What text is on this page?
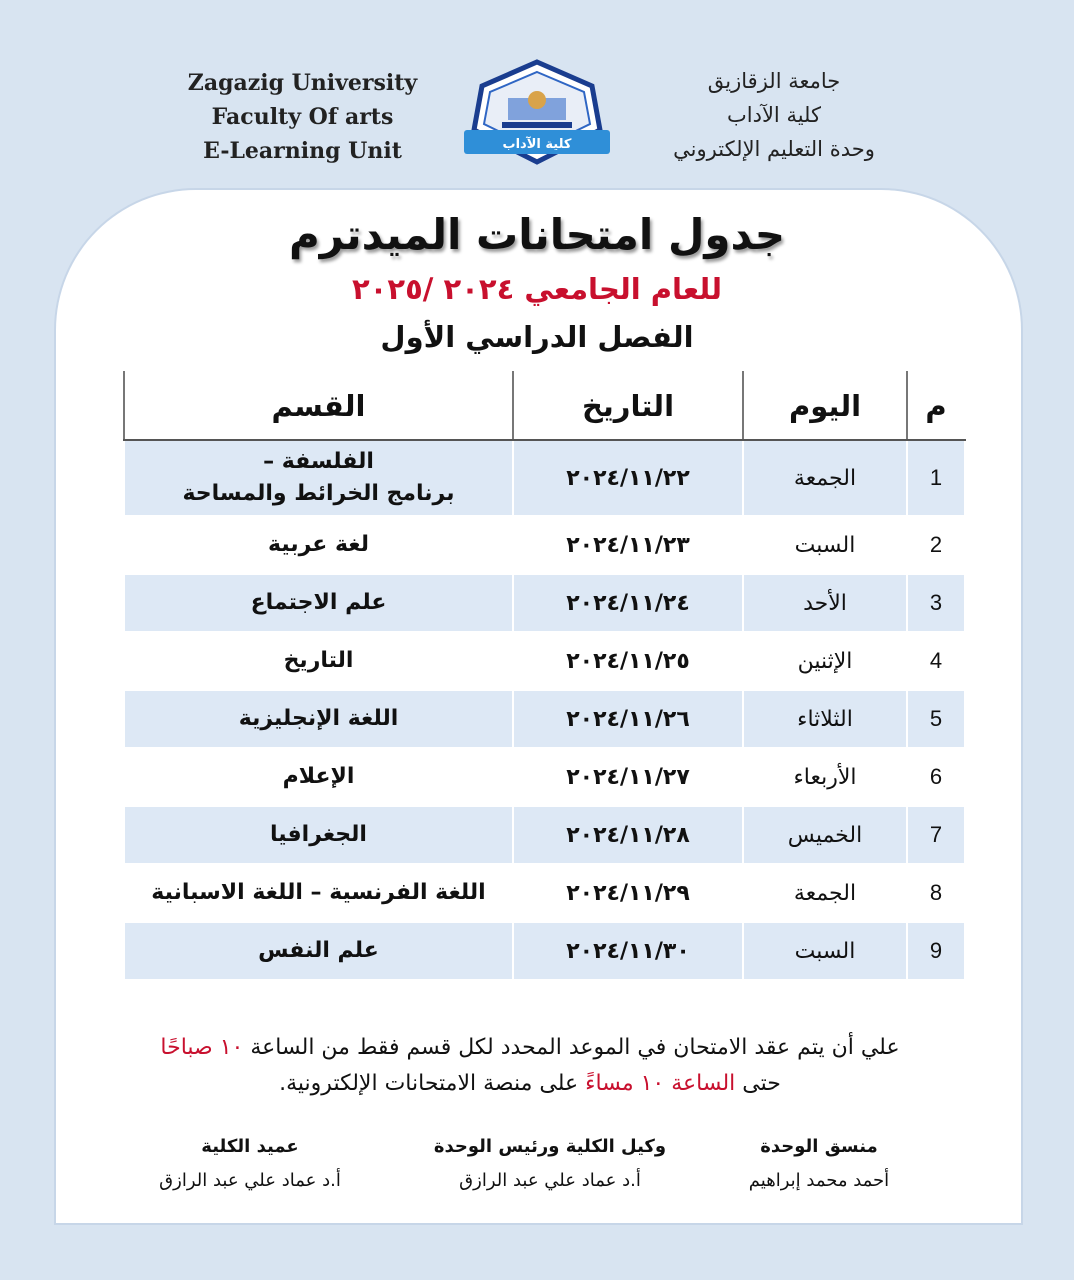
Zagazig University
Faculty Of arts
E-Learning Unit	كلية الآداب
جامعة الزقازيق
كلية الآداب
وحدة التعليم الإلكتروني
جدول امتحانات الميدترم
للعام الجامعي ٢٠٢٤ /٢٠٢٥
الفصل الدراسي الأول
م	اليوم	التاريخ	القسم
1	الجمعة	٢٠٢٤/١١/٢٢	الفلسفة –
برنامج الخرائط والمساحة

2	السبت	٢٠٢٤/١١/٢٣	لغة عربية
3	الأحد	٢٠٢٤/١١/٢٤	علم الاجتماع
4	الإثنين	٢٠٢٤/١١/٢٥	التاريخ
5	الثلاثاء	٢٠٢٤/١١/٢٦	اللغة الإنجليزية
6	الأربعاء	٢٠٢٤/١١/٢٧	الإعلام
7	الخميس	٢٠٢٤/١١/٢٨	الجغرافيا
8	الجمعة	٢٠٢٤/١١/٢٩	اللغة الفرنسية – اللغة الاسبانية
9	السبت	٢٠٢٤/١١/٣٠	علم النفس
علي أن يتم عقد الامتحان في الموعد المحدد لكل قسم فقط من الساعة ١٠ صباحًا
حتى الساعة ١٠ مساءً على منصة الامتحانات الإلكترونية.
منسق الوحدة
أحمد محمد إبراهيم
وكيل الكلية ورئيس الوحدة
أ.د عماد علي عبد الرازق
عميد الكلية
أ.د عماد علي عبد الرازق
